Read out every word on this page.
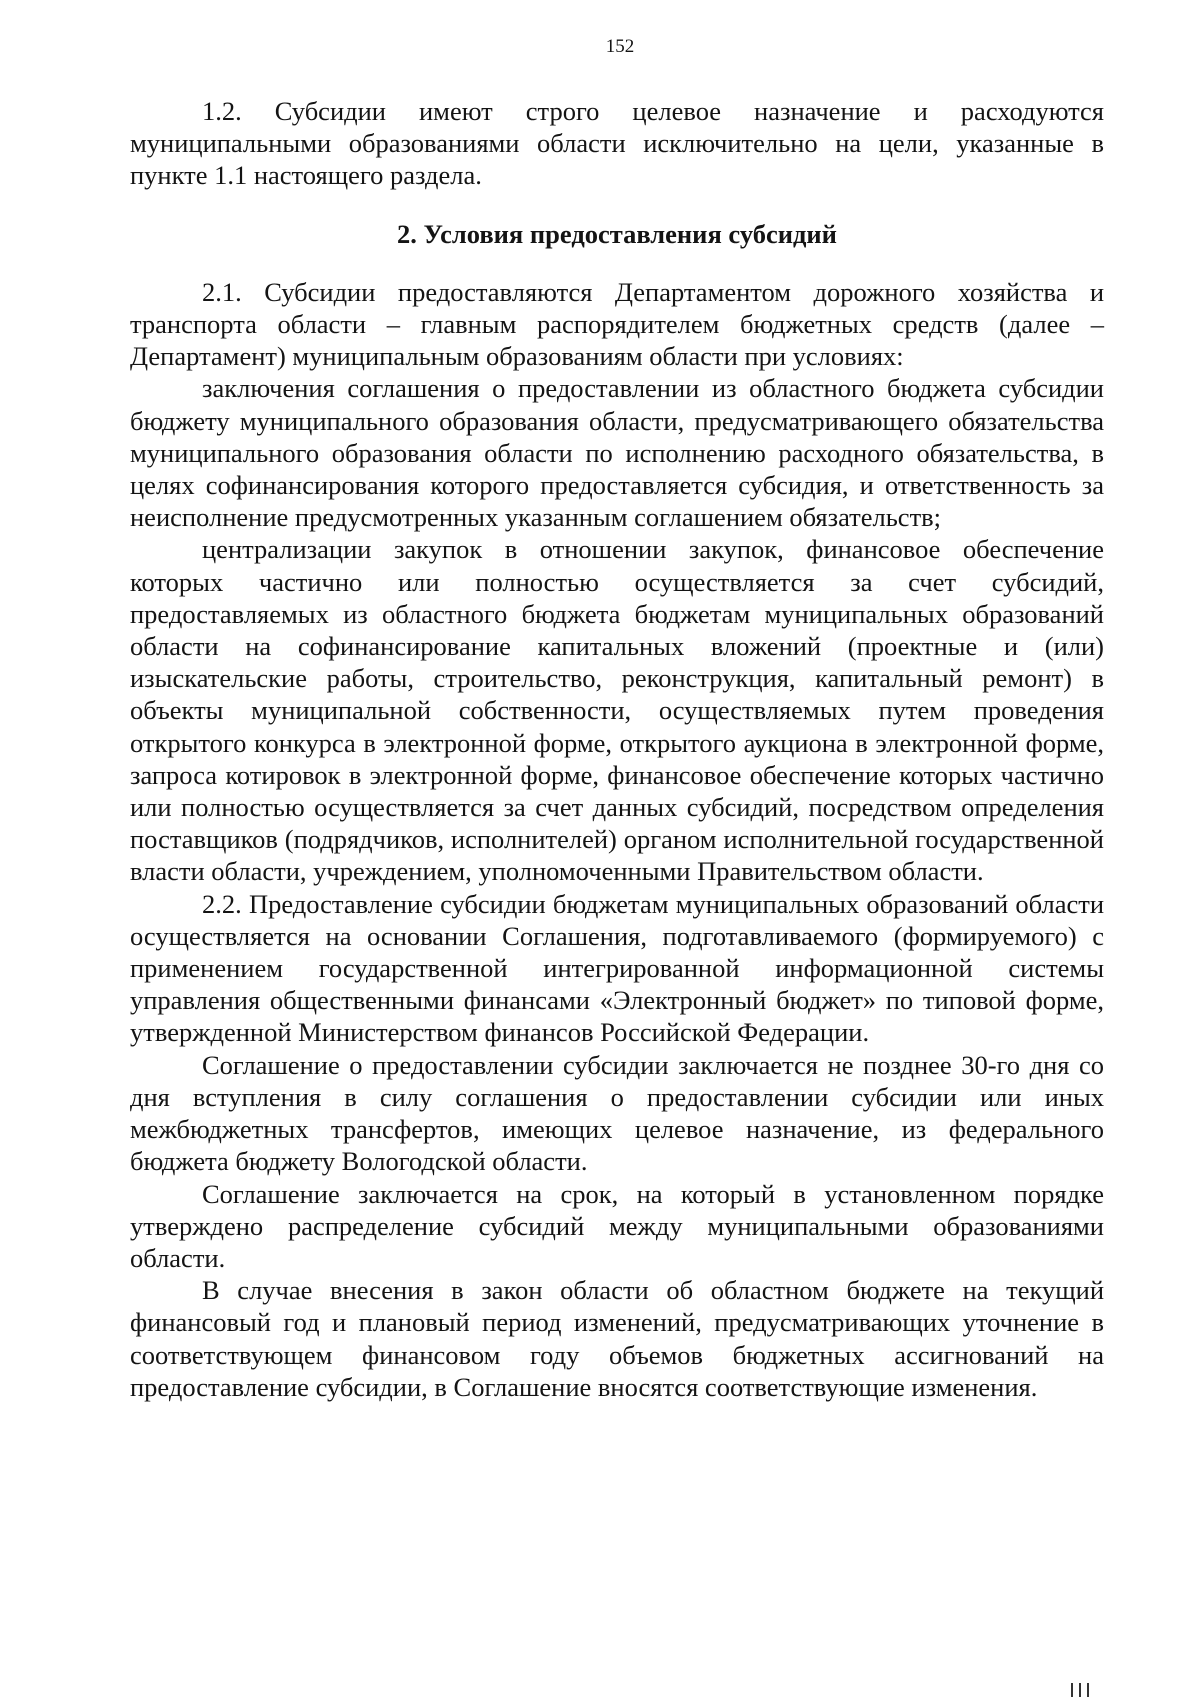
152

1.2. Субсидии имеют строго целевое назначение и расходуются муниципальными образованиями области исключительно на цели, указанные в пункте 1.1 настоящего раздела.

2. Условия предоставления субсидий

2.1. Субсидии предоставляются Департаментом дорожного хозяйства и транспорта области – главным распорядителем бюджетных средств (далее – Департамент) муниципальным образованиям области при условиях:

заключения соглашения о предоставлении из областного бюджета субсидии бюджету муниципального образования области, предусматривающего обязательства муниципального образования области по исполнению расходного обязательства, в целях софинансирования которого предоставляется субсидия, и ответственность за неисполнение предусмотренных указанным соглашением обязательств;

централизации закупок в отношении закупок, финансовое обеспечение которых частично или полностью осуществляется за счет субсидий, предоставляемых из областного бюджета бюджетам муниципальных образований области на софинансирование капитальных вложений (проектные и (или) изыскательские работы, строительство, реконструкция, капитальный ремонт) в объекты муниципальной собственности, осуществляемых путем проведения открытого конкурса в электронной форме, открытого аукциона в электронной форме, запроса котировок в электронной форме, финансовое обеспечение которых частично или полностью осуществляется за счет данных субсидий, посредством определения поставщиков (подрядчиков, исполнителей) органом исполнительной государственной власти области, учреждением, уполномоченными Правительством области.

2.2. Предоставление субсидии бюджетам муниципальных образований области осуществляется на основании Соглашения, подготавливаемого (формируемого) с применением государственной интегрированной информационной системы управления общественными финансами «Электронный бюджет» по типовой форме, утвержденной Министерством финансов Российской Федерации.

Соглашение о предоставлении субсидии заключается не позднее 30-го дня со дня вступления в силу соглашения о предоставлении субсидии или иных межбюджетных трансфертов, имеющих целевое назначение, из федерального бюджета бюджету Вологодской области.

Соглашение заключается на срок, на который в установленном порядке утверждено распределение субсидий между муниципальными образованиями области.

В случае внесения в закон области об областном бюджете на текущий финансовый год и плановый период изменений, предусматривающих уточнение в соответствующем финансовом году объемов бюджетных ассигнований на предоставление субсидии, в Соглашение вносятся соответствующие изменения.
